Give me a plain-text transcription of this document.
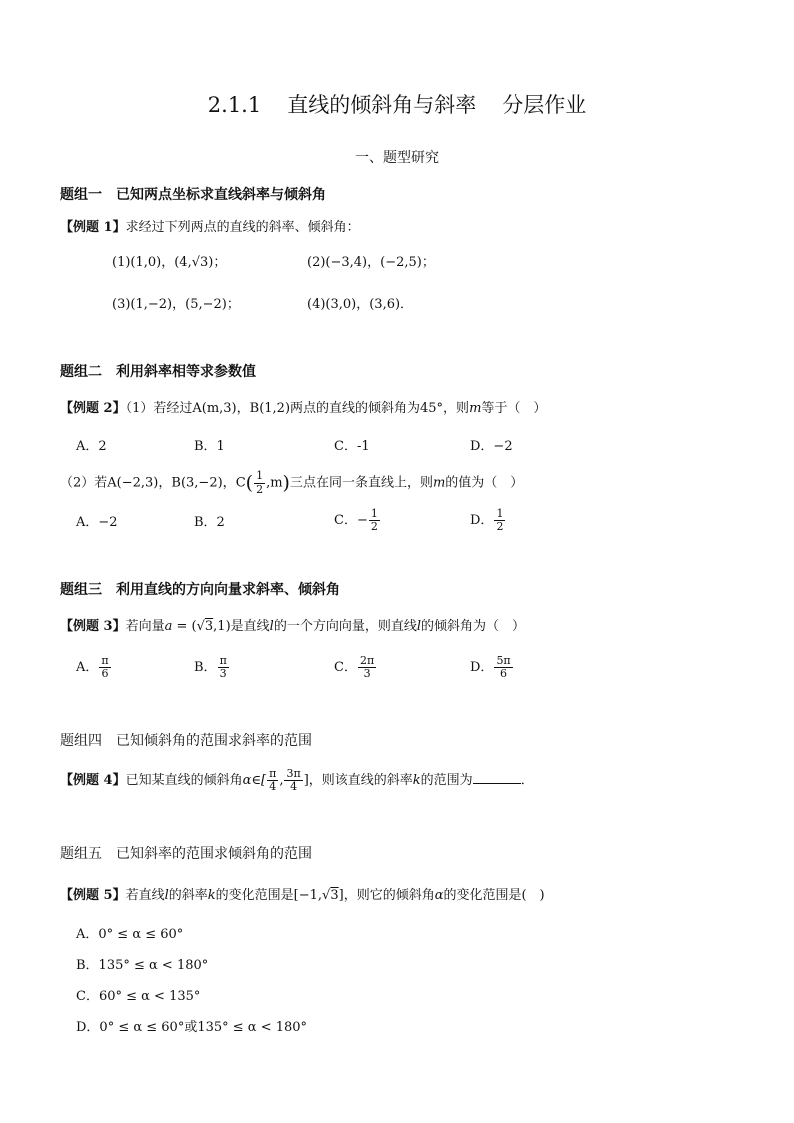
2.1.1 直线的倾斜角与斜率 分层作业
一、题型研究
题组一　已知两点坐标求直线斜率与倾斜角
【例题 1】求经过下列两点的直线的斜率、倾斜角：
(1)(1,0)，(4,√3)；	(2)(−3,4)，(−2,5)；
(3)(1,−2)，(5,−2)；	(4)(3,0)，(3,6)．
题组二　利用斜率相等求参数值
【例题 2】（1）若经过A(m,3)，B(1,2)两点的直线的倾斜角为45°，则m等于（　）
A．2	B．1	C．-1	D．−2
（2）若A(−2,3)，B(3,−2)，$C( \frac{1}{2} ,m)$三点在同一条直线上，则m的值为（　）
A．−2	B．2	C．− $\frac{1}{2}$	D． $\frac{1}{2}$
题组三　利用直线的方向向量求斜率、倾斜角
【例题 3】若向量a = (√3,1)是直线l的一个方向向量，则直线l的倾斜角为（　）
A． $\frac{\pi}{6}$	B． $\frac{\pi}{3}$	C． $\frac{2\pi}{3}$	D． $\frac{5\pi}{6}$
题组四　已知倾斜角的范围求斜率的范围
【例题 4】已知某直线的倾斜角α∈[ $\frac{\pi}{4}$ , $\frac{3\pi}{4}$ ]，则该直线的斜率k的范围为	．
题组五　已知斜率的范围求倾斜角的范围
【例题 5】若直线l的斜率k的变化范围是[−1,√3]，则它的倾斜角α的变化范围是(　)
A．0° ≤ α ≤ 60°
B．135° ≤ α < 180°
C．60° ≤ α < 135°
D．0° ≤ α ≤ 60°或135° ≤ α < 180°
